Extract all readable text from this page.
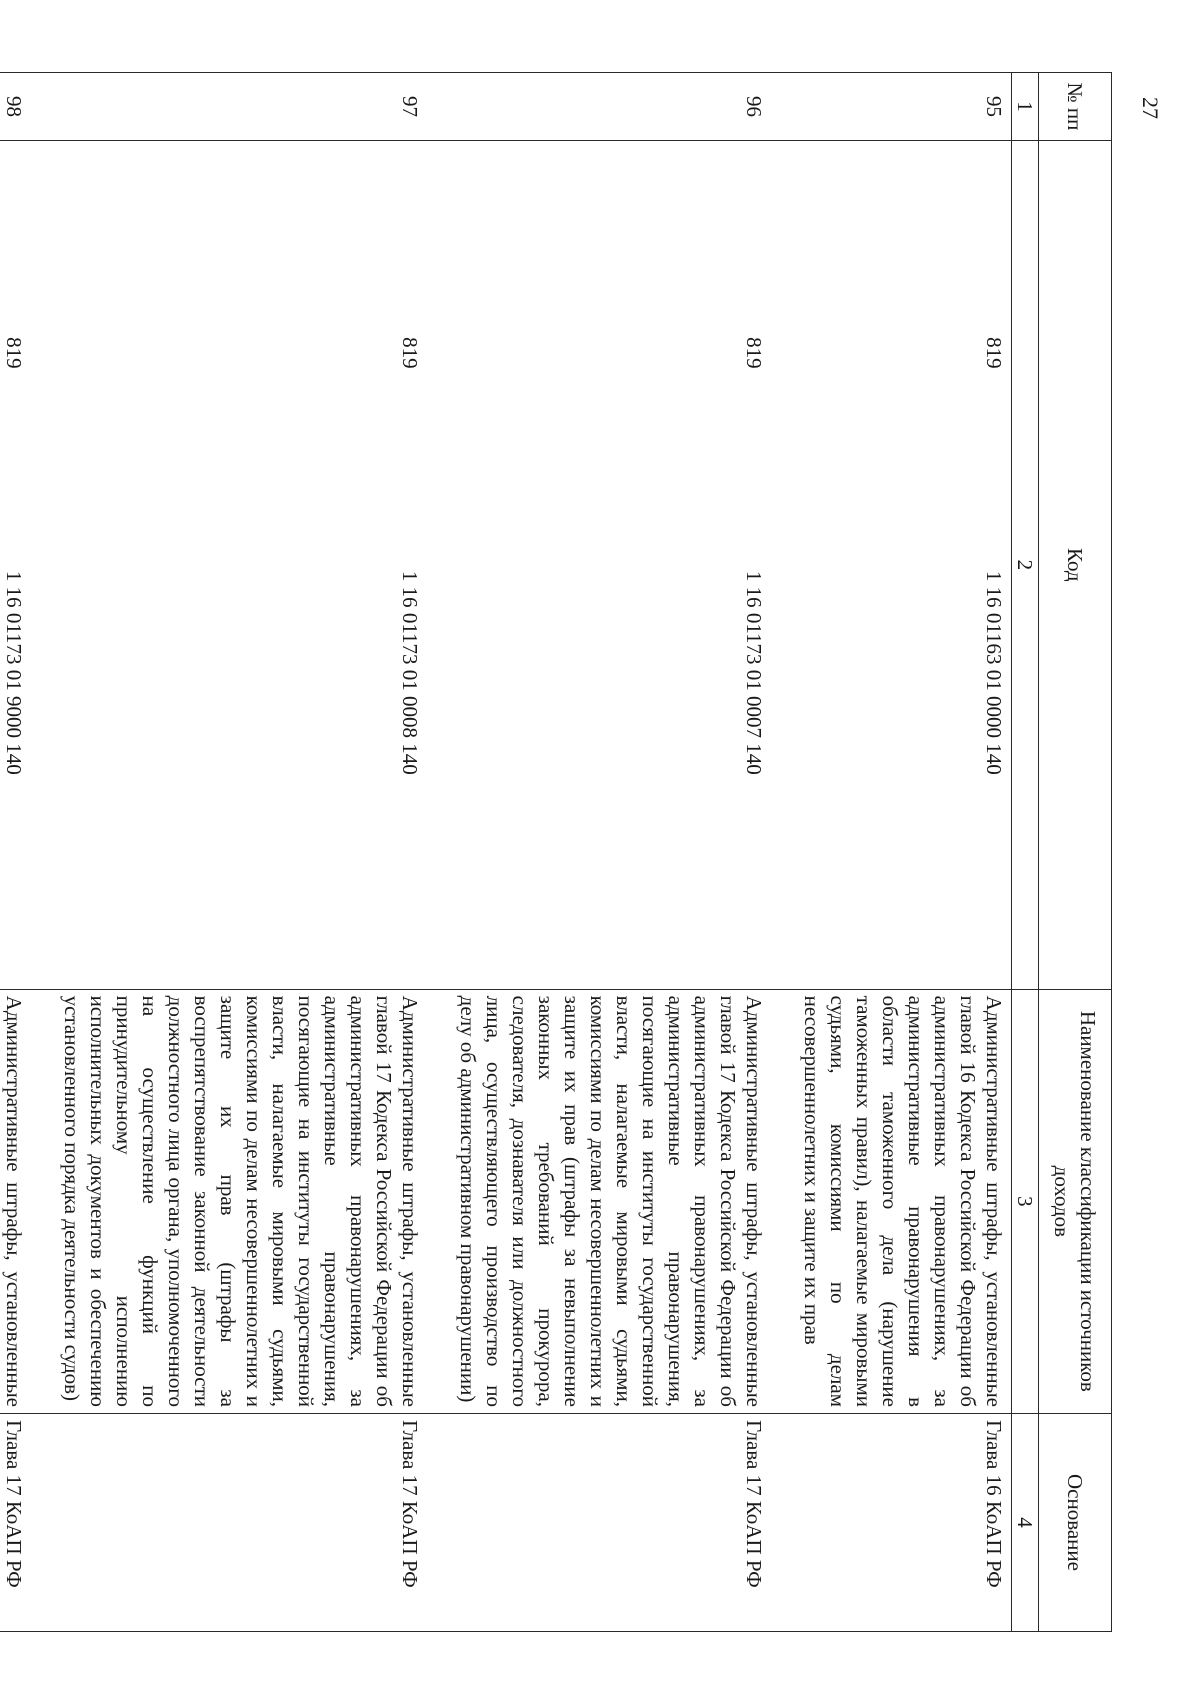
27
№ пп	Код		Наименование классификации источников доходов	Основание
1	2		3	4

95	819	1 16 01163 01 0000 140	Административные штрафы, установленные главой 16 Кодекса Российской Федерации об административных правонарушениях, за административные правонарушения в области таможенного дела (нарушение таможенных правил), налагаемые мировыми судьями, комиссиями по делам несовершеннолетних и защите их прав	Глава 16 КоАП РФ
96	819	1 16 01173 01 0007 140	Административные штрафы, установленные главой 17 Кодекса Российской Федерации об административных правонарушениях, за административные правонарушения, посягающие на институты государственной власти, налагаемые мировыми судьями, комиссиями по делам несовершеннолетних и защите их прав (штрафы за невыполнение законных требований прокурора, следователя, дознавателя или должностного лица, осуществляющего производство по делу об административном правонарушении)	Глава 17 КоАП РФ
97	819	1 16 01173 01 0008 140	Административные штрафы, установленные главой 17 Кодекса Российской Федерации об административных правонарушениях, за административные правонарушения, посягающие на институты государственной власти, налагаемые мировыми судьями, комиссиями по делам несовершеннолетних и защите их прав (штрафы за воспрепятствование законной деятельности должностного лица органа, уполномоченного на осуществление функций по принудительному исполнению исполнительных документов и обеспечению установленного порядка деятельности судов)	Глава 17 КоАП РФ
98	819	1 16 01173 01 9000 140	Административные штрафы, установленные	Глава 17 КоАП РФ
